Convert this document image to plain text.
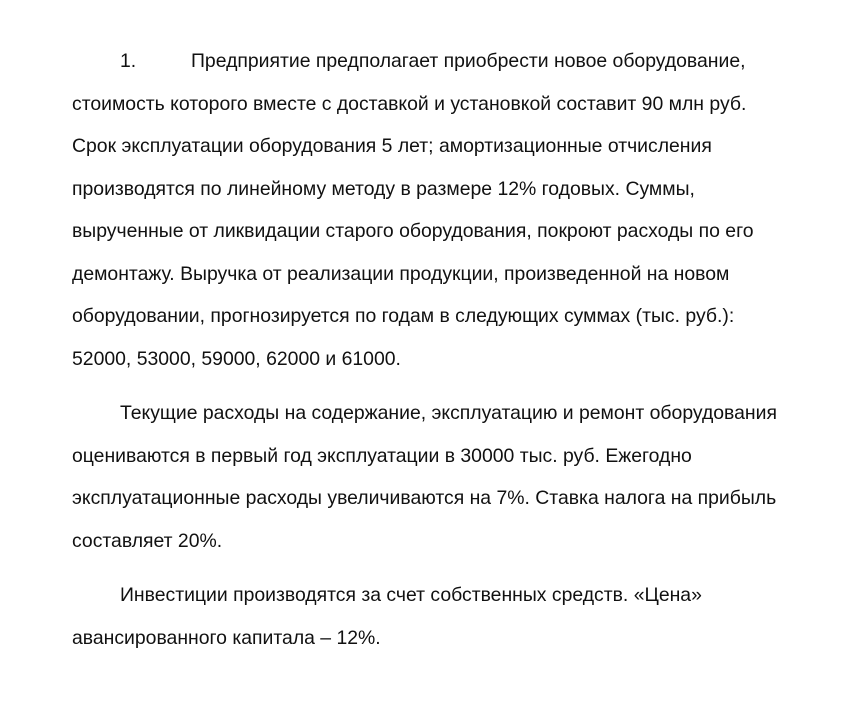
1.	Предприятие предполагает приобрести новое оборудование,
стоимость которого вместе с доставкой и установкой составит 90 млн руб.
Срок эксплуатации оборудования 5 лет; амортизационные отчисления
производятся по линейному методу в размере 12% годовых. Суммы,
вырученные от ликвидации старого оборудования, покроют расходы по его
демонтажу. Выручка от реализации продукции, произведенной на новом
оборудовании, прогнозируется по годам в следующих суммах (тыс. руб.):
52000, 53000, 59000, 62000 и 61000.

Текущие расходы на содержание, эксплуатацию и ремонт оборудования
оцениваются в первый год эксплуатации в 30000 тыс. руб. Ежегодно
эксплуатационные расходы увеличиваются на 7%. Ставка налога на прибыль
составляет 20%.

Инвестиции производятся за счет собственных средств. «Цена»
авансированного капитала – 12%.
